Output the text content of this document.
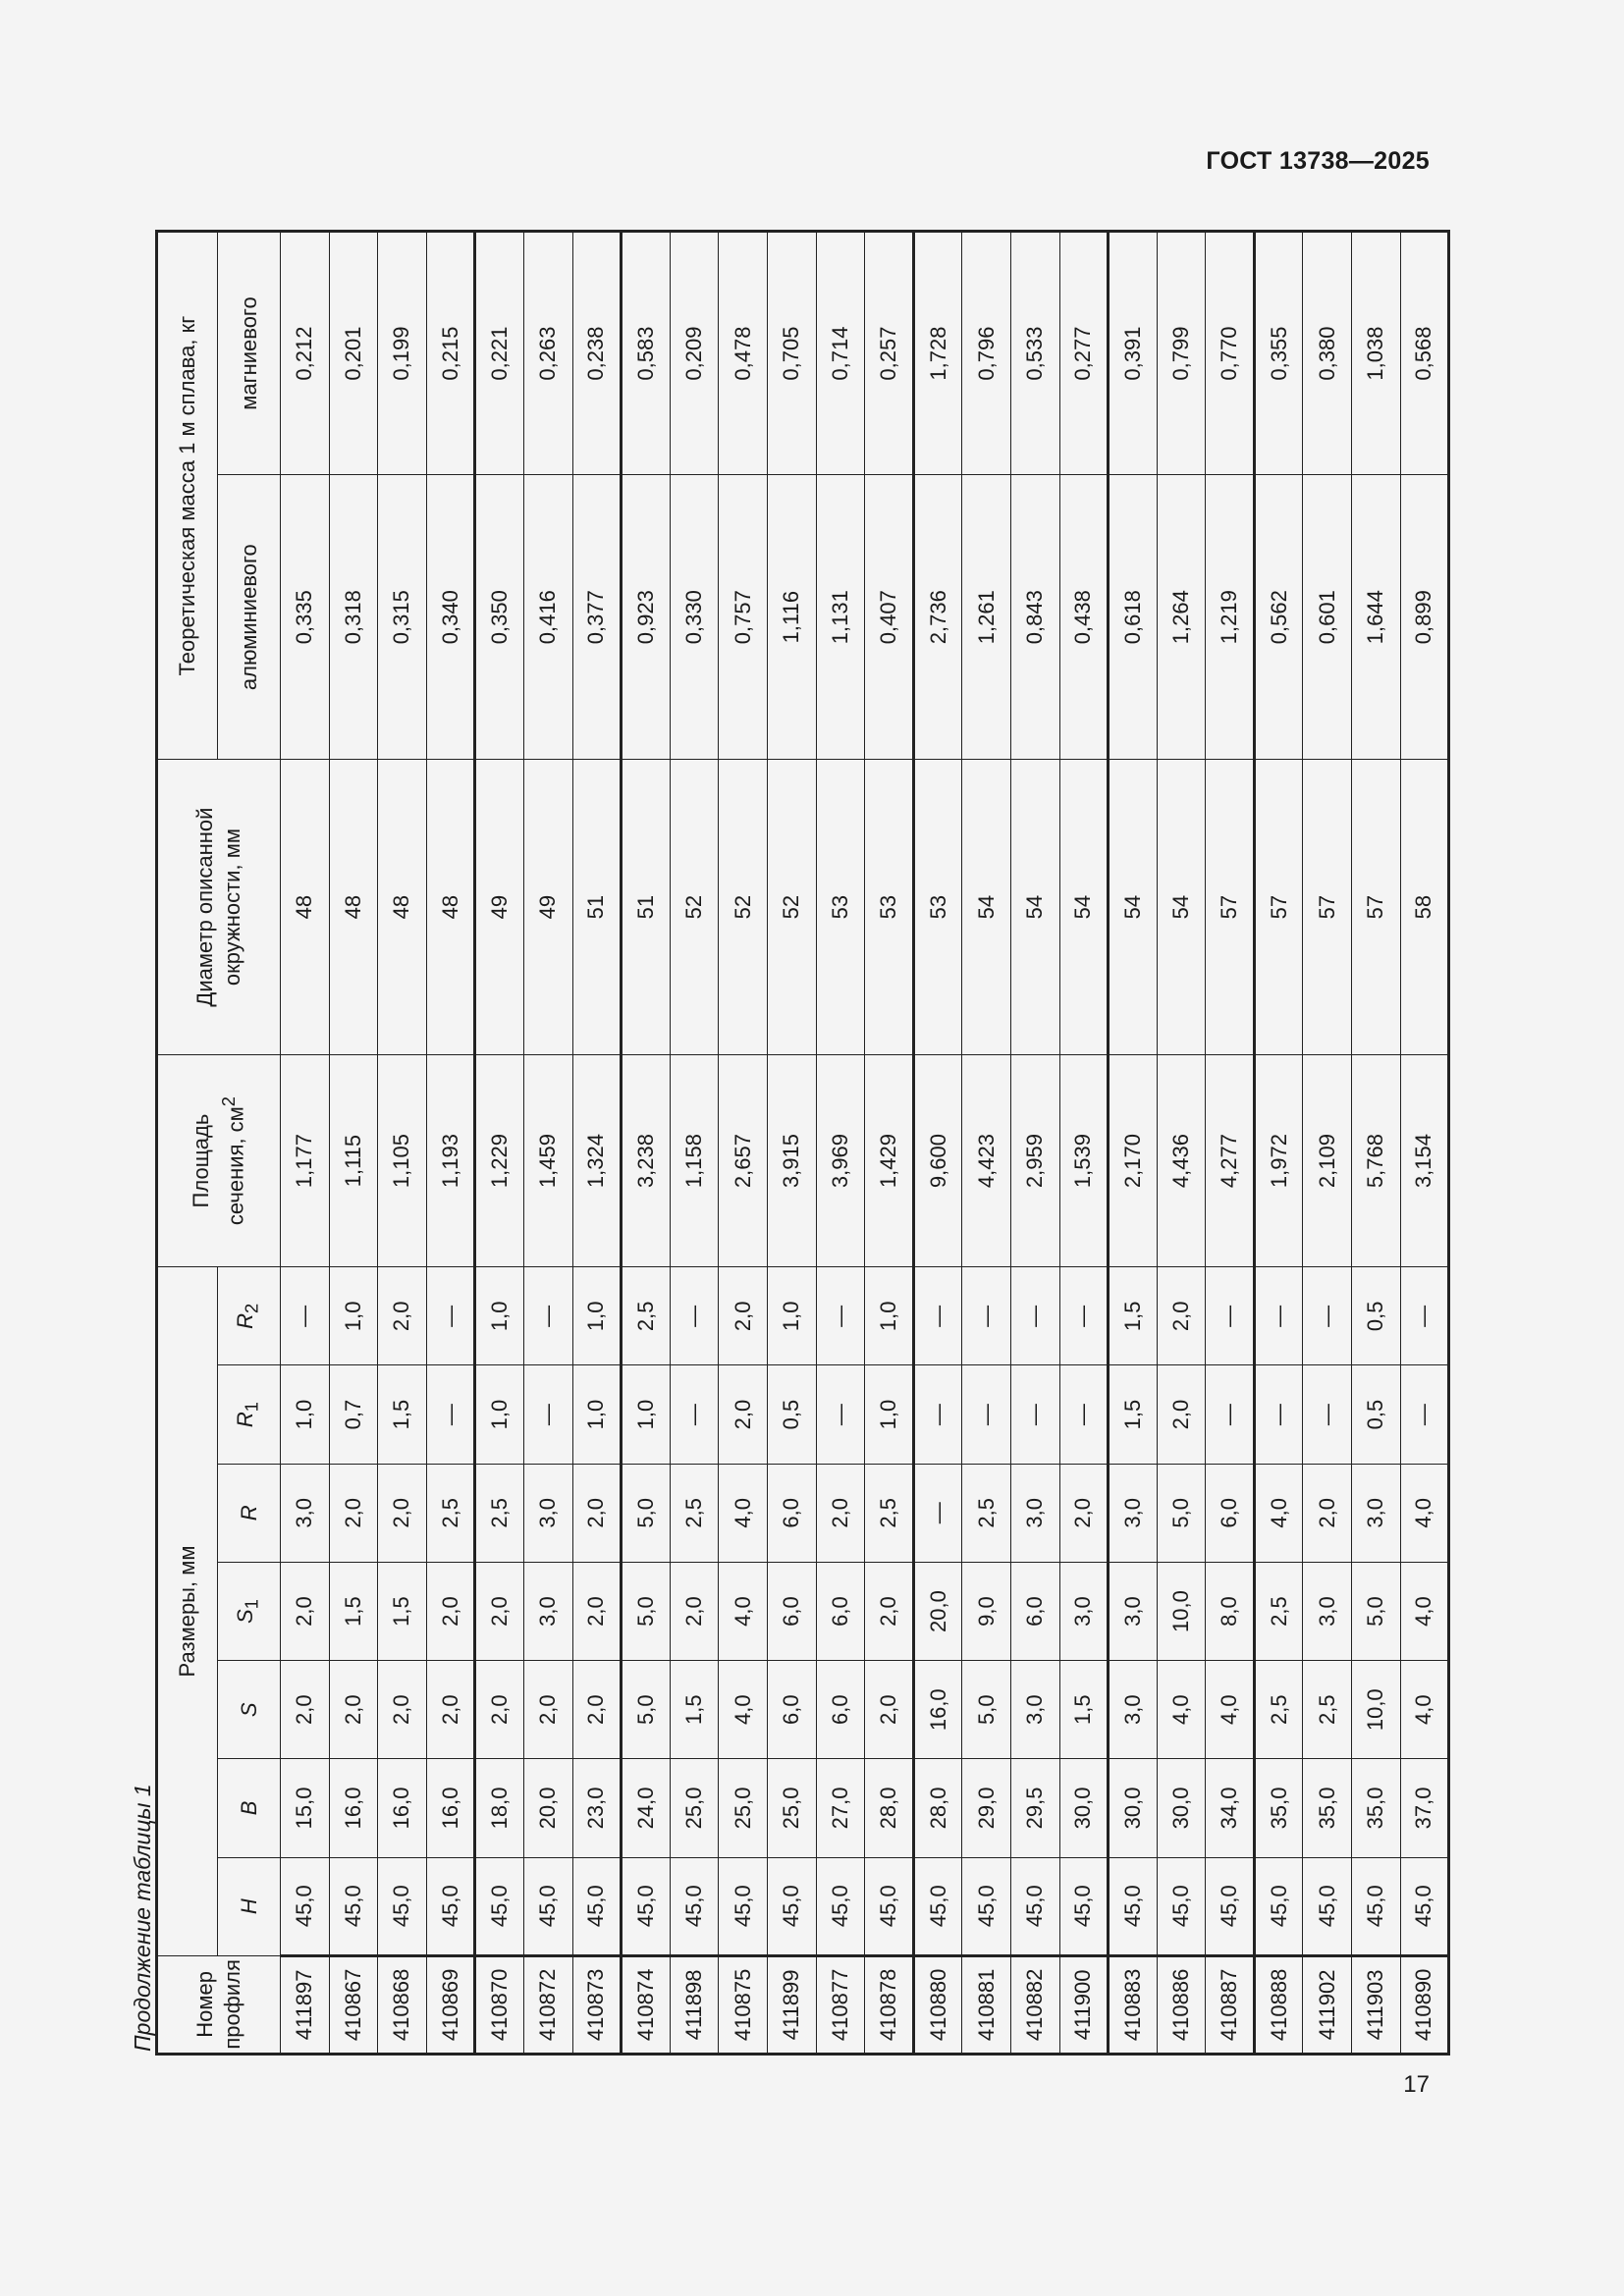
ГОСТ 13738—2025
Продолжение таблицы 1 Номер профиля	Размеры, мм							Площадь сечения, $см^2$	Диаметр описанной окружности, мм	Теоретическая масса 1 м сплава, кг	
	H	B	S	$S_1$	R	$R_1$	$R_2$			алюминиевого	магниевого
411897	45,0	15,0	2,0	2,0	3,0	1,0	—	1,177	48	0,335	0,212
410867	45,0	16,0	2,0	1,5	2,0	0,7	1,0	1,115	48	0,318	0,201
410868	45,0	16,0	2,0	1,5	2,0	1,5	2,0	1,105	48	0,315	0,199
410869	45,0	16,0	2,0	2,0	2,5	—	—	1,193	48	0,340	0,215
410870	45,0	18,0	2,0	2,0	2,5	1,0	1,0	1,229	49	0,350	0,221
410872	45,0	20,0	2,0	3,0	3,0	—	—	1,459	49	0,416	0,263
410873	45,0	23,0	2,0	2,0	2,0	1,0	1,0	1,324	51	0,377	0,238
410874	45,0	24,0	5,0	5,0	5,0	1,0	2,5	3,238	51	0,923	0,583
411898	45,0	25,0	1,5	2,0	2,5	—	—	1,158	52	0,330	0,209
410875	45,0	25,0	4,0	4,0	4,0	2,0	2,0	2,657	52	0,757	0,478
411899	45,0	25,0	6,0	6,0	6,0	0,5	1,0	3,915	52	1,116	0,705
410877	45,0	27,0	6,0	6,0	2,0	—	—	3,969	53	1,131	0,714
410878	45,0	28,0	2,0	2,0	2,5	1,0	1,0	1,429	53	0,407	0,257
410880	45,0	28,0	16,0	20,0	—	—	—	9,600	53	2,736	1,728
410881	45,0	29,0	5,0	9,0	2,5	—	—	4,423	54	1,261	0,796
410882	45,0	29,5	3,0	6,0	3,0	—	—	2,959	54	0,843	0,533
411900	45,0	30,0	1,5	3,0	2,0	—	—	1,539	54	0,438	0,277
410883	45,0	30,0	3,0	3,0	3,0	1,5	1,5	2,170	54	0,618	0,391
410886	45,0	30,0	4,0	10,0	5,0	2,0	2,0	4,436	54	1,264	0,799
410887	45,0	34,0	4,0	8,0	6,0	—	—	4,277	57	1,219	0,770
410888	45,0	35,0	2,5	2,5	4,0	—	—	1,972	57	0,562	0,355
411902	45,0	35,0	2,5	3,0	2,0	—	—	2,109	57	0,601	0,380
411903	45,0	35,0	10,0	5,0	3,0	0,5	0,5	5,768	57	1,644	1,038
410890	45,0	37,0	4,0	4,0	4,0	—	—	3,154	58	0,899	0,568
17
